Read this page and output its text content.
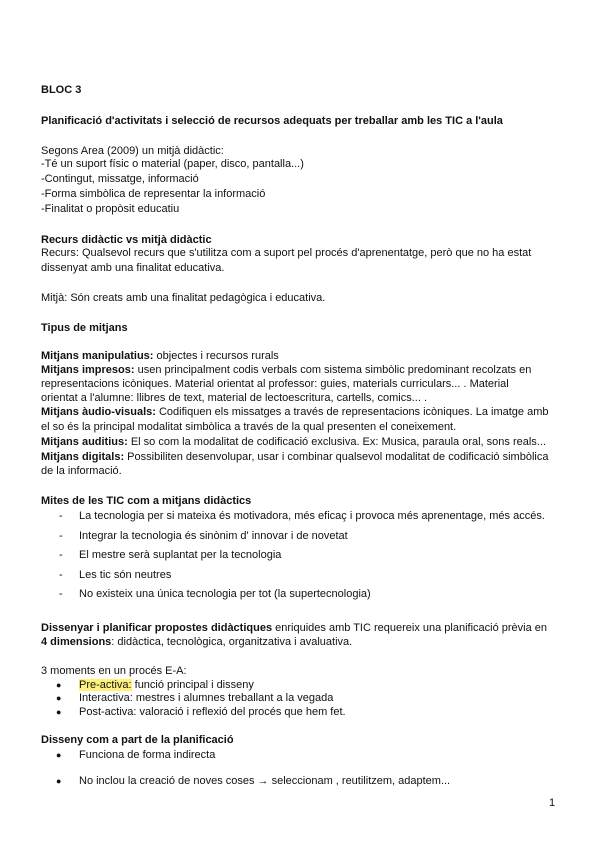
BLOC 3
Planificació d'activitats i selecció de recursos adequats per treballar amb les TIC a l'aula
Segons Area (2009) un mitjà didàctic:
-Té un suport físic o material (paper, disco, pantalla...)
-Contingut, missatge, informació
-Forma simbòlica de representar la informació
-Finalitat o propòsit educatiu
Recurs didàctic vs mitjà didàctic
Recurs: Qualsevol recurs que s'utilitza com a suport pel procés d'aprenentatge, però que no ha estat
dissenyat amb una finalitat educativa.
Mitjà: Són creats amb una finalitat pedagògica i educativa.
Tipus de mitjans
Mitjans manipulatius: objectes i recursos rurals
Mitjans impresos: usen principalment codis verbals com sistema simbòlic predominant recolzats en
representacions icòniques. Material orientat al professor: guies, materials curriculars... . Material
orientat a l'alumne: llibres de text, material de lectoescritura, cartells, comics... .
Mitjans àudio-visuals: Codifiquen els missatges a través de representacions icòniques. La imatge amb
el so és la principal modalitat simbòlica a través de la qual presenten el coneixement.
Mitjans auditius: El so com la modalitat de codificació exclusiva. Ex: Musica, paraula oral, sons reals...
Mitjans digitals: Possibiliten desenvolupar, usar i combinar qualsevol modalitat de codificació simbòlica
de la informació.
Mites de les TIC com a mitjans didàctics
- La tecnologia per si mateixa és motivadora, més eficaç i provoca més aprenentage, més accés.
- Integrar la tecnologia és sinònim d' innovar i de novetat
- El mestre serà suplantat per la tecnologia
- Les tic són neutres
- No existeix una única tecnologia per tot (la supertecnologia)
Dissenyar i planificar propostes didàctiques enriquides amb TIC requereix una planificació prèvia en
4 dimensions: didàctica, tecnològica, organitzativa i avaluativa.
3 moments en un procés E-A:
● Pre-activa: funció principal i disseny
● Interactiva: mestres i alumnes treballant a la vegada
● Post-activa: valoració i reflexió del procés que hem fet.
Disseny com a part de la planificació
● Funciona de forma indirecta
● No inclou la creació de noves coses → seleccionam , reutilitzem, adaptem...
1
